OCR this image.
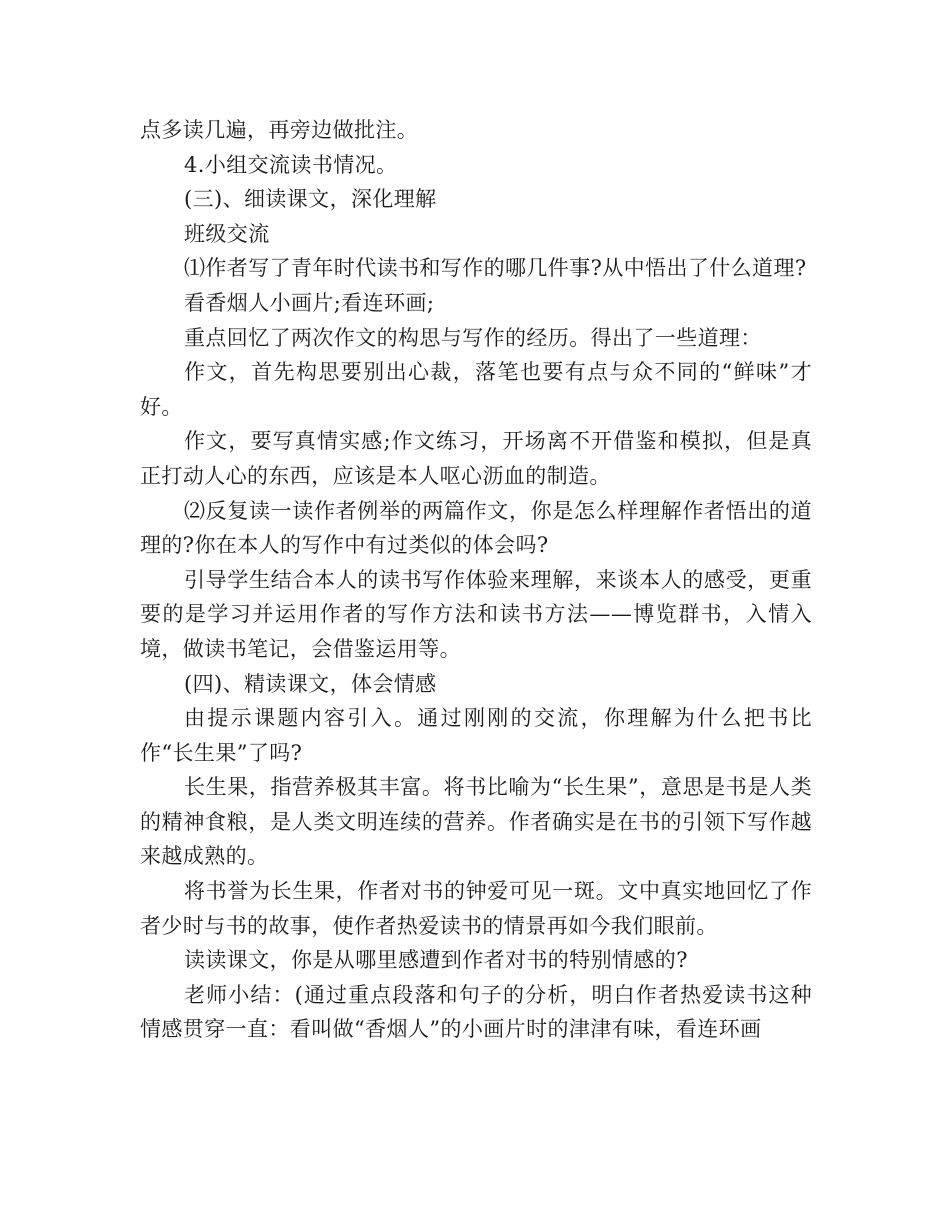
点多读几遍，再旁边做批注。

4.小组交流读书情况。

(三)、细读课文，深化理解

班级交流

⑴作者写了青年时代读书和写作的哪几件事?从中悟出了什么道理?

看香烟人小画片;看连环画;

重点回忆了两次作文的构思与写作的经历。得出了一些道理：

作文，首先构思要别出心裁，落笔也要有点与众不同的“鲜味”才好。

作文，要写真情实感;作文练习，开场离不开借鉴和模拟，但是真正打动人心的东西，应该是本人呕心沥血的制造。

⑵反复读一读作者例举的两篇作文，你是怎么样理解作者悟出的道理的?你在本人的写作中有过类似的体会吗?

引导学生结合本人的读书写作体验来理解，来谈本人的感受，更重要的是学习并运用作者的写作方法和读书方法——博览群书，入情入境，做读书笔记，会借鉴运用等。

(四)、精读课文，体会情感

由提示课题内容引入。通过刚刚的交流，你理解为什么把书比作“长生果”了吗?

长生果，指营养极其丰富。将书比喻为“长生果”，意思是书是人类的精神食粮，是人类文明连续的营养。作者确实是在书的引领下写作越来越成熟的。

将书誉为长生果，作者对书的钟爱可见一斑。文中真实地回忆了作者少时与书的故事，使作者热爱读书的情景再如今我们眼前。

读读课文，你是从哪里感遭到作者对书的特别情感的?

老师小结：(通过重点段落和句子的分析，明白作者热爱读书这种情感贯穿一直：看叫做“香烟人”的小画片时的津津有味，看连环画
